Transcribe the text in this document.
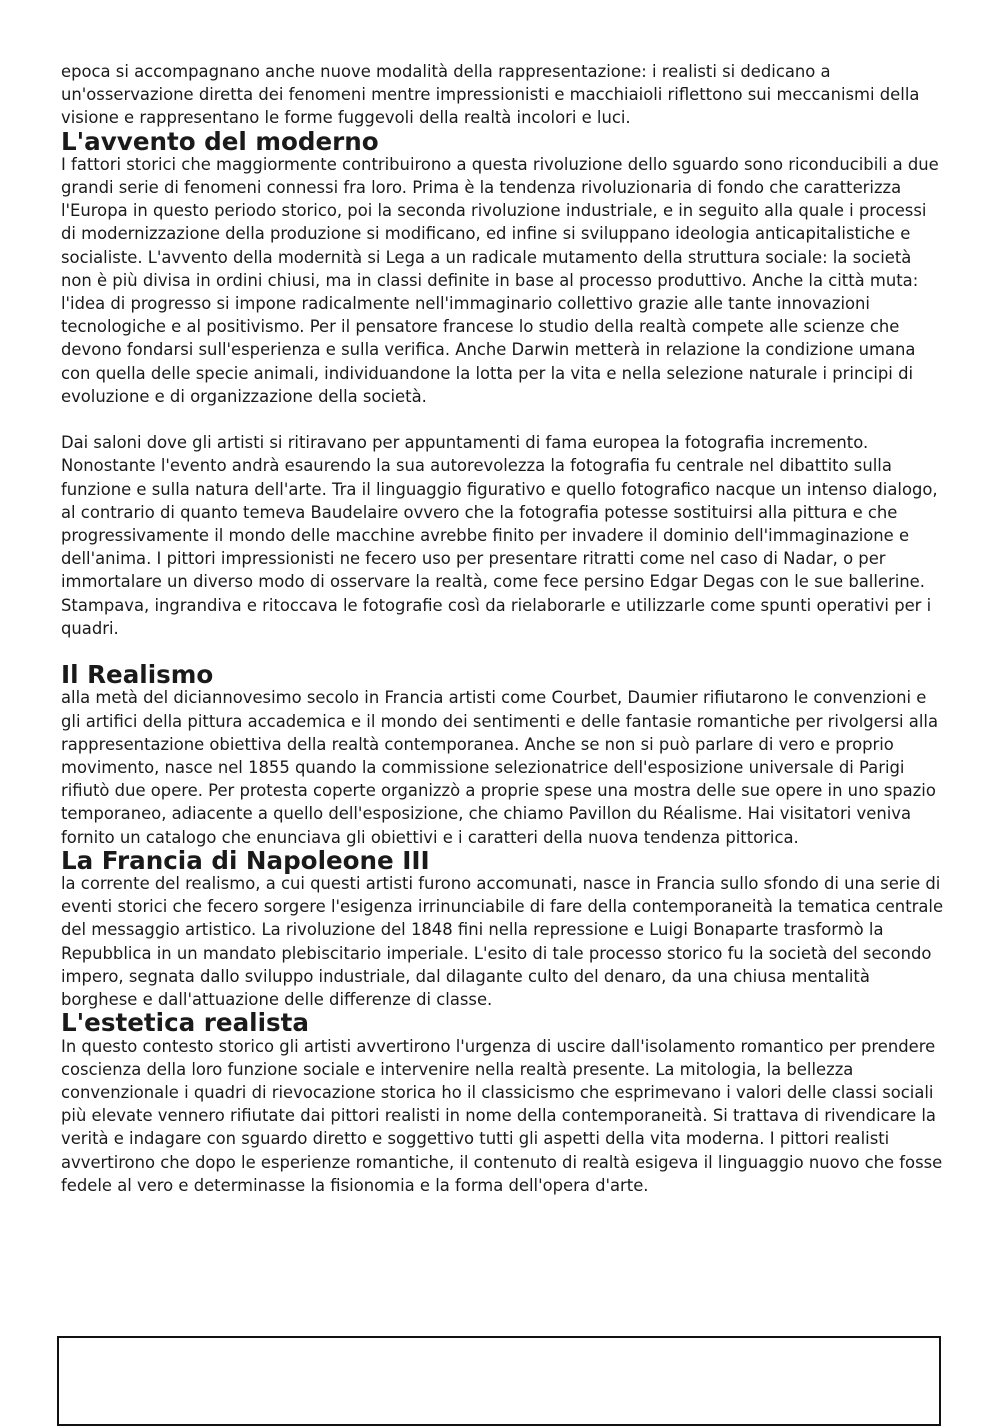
epoca si accompagnano anche nuove modalità della rappresentazione: i realisti si dedicano a un'osservazione diretta dei fenomeni mentre impressionisti e macchiaioli riflettono sui meccanismi della visione e rappresentano le forme fuggevoli della realtà incolori e luci.

L'avvento del moderno

I fattori storici che maggiormente contribuirono a questa rivoluzione dello sguardo sono riconducibili a due grandi serie di fenomeni connessi fra loro. Prima è la tendenza rivoluzionaria di fondo che caratterizza l'Europa in questo periodo storico, poi la seconda rivoluzione industriale, e in seguito alla quale i processi di modernizzazione della produzione si modificano, ed infine si sviluppano ideologia anticapitalistiche e socialiste. L'avvento della modernità si Lega a un radicale mutamento della struttura sociale: la società non è più divisa in ordini chiusi, ma in classi definite in base al processo produttivo. Anche la città muta: l'idea di progresso si impone radicalmente nell'immaginario collettivo grazie alle tante innovazioni tecnologiche e al positivismo. Per il pensatore francese lo studio della realtà compete alle scienze che devono fondarsi sull'esperienza e sulla verifica. Anche Darwin metterà in relazione la condizione umana con quella delle specie animali, individuandone la lotta per la vita e nella selezione naturale i principi di evoluzione e di organizzazione della società.

Dai saloni dove gli artisti si ritiravano per appuntamenti di fama europea la fotografia incremento. Nonostante l'evento andrà esaurendo la sua autorevolezza la fotografia fu centrale nel dibattito sulla funzione e sulla natura dell'arte. Tra il linguaggio figurativo e quello fotografico nacque un intenso dialogo, al contrario di quanto temeva Baudelaire ovvero che la fotografia potesse sostituirsi alla pittura e che progressivamente il mondo delle macchine avrebbe finito per invadere il dominio dell'immaginazione e dell'anima. I pittori impressionisti ne fecero uso per presentare ritratti come nel caso di Nadar, o per immortalare un diverso modo di osservare la realtà, come fece persino Edgar Degas con le sue ballerine. Stampava, ingrandiva e ritoccava le fotografie così da rielaborarle e utilizzarle come spunti operativi per i quadri.

Il Realismo

alla metà del diciannovesimo secolo in Francia artisti come Courbet, Daumier rifiutarono le convenzioni e gli artifici della pittura accademica e il mondo dei sentimenti e delle fantasie romantiche per rivolgersi alla rappresentazione obiettiva della realtà contemporanea. Anche se non si può parlare di vero e proprio movimento, nasce nel 1855 quando la commissione selezionatrice dell'esposizione universale di Parigi rifiutò due opere. Per protesta coperte organizzò a proprie spese una mostra delle sue opere in uno spazio temporaneo, adiacente a quello dell'esposizione, che chiamo Pavillon du Réalisme. Hai visitatori veniva fornito un catalogo che enunciava gli obiettivi e i caratteri della nuova tendenza pittorica.

La Francia di Napoleone III

la corrente del realismo, a cui questi artisti furono accomunati, nasce in Francia sullo sfondo di una serie di eventi storici che fecero sorgere l'esigenza irrinunciabile di fare della contemporaneità la tematica centrale del messaggio artistico. La rivoluzione del 1848 fini nella repressione e Luigi Bonaparte trasformò la Repubblica in un mandato plebiscitario imperiale. L'esito di tale processo storico fu la società del secondo impero, segnata dallo sviluppo industriale, dal dilagante culto del denaro, da una chiusa mentalità borghese e dall'attuazione delle differenze di classe.

L'estetica realista

In questo contesto storico gli artisti avvertirono l'urgenza di uscire dall'isolamento romantico per prendere coscienza della loro funzione sociale e intervenire nella realtà presente. La mitologia, la bellezza convenzionale i quadri di rievocazione storica ho il classicismo che esprimevano i valori delle classi sociali più elevate vennero rifiutate dai pittori realisti in nome della contemporaneità. Si trattava di rivendicare la verità e indagare con sguardo diretto e soggettivo tutti gli aspetti della vita moderna. I pittori realisti avvertirono che dopo le esperienze romantiche, il contenuto di realtà esigeva il linguaggio nuovo che fosse fedele al vero e determinasse la fisionomia e la forma dell'opera d'arte.
